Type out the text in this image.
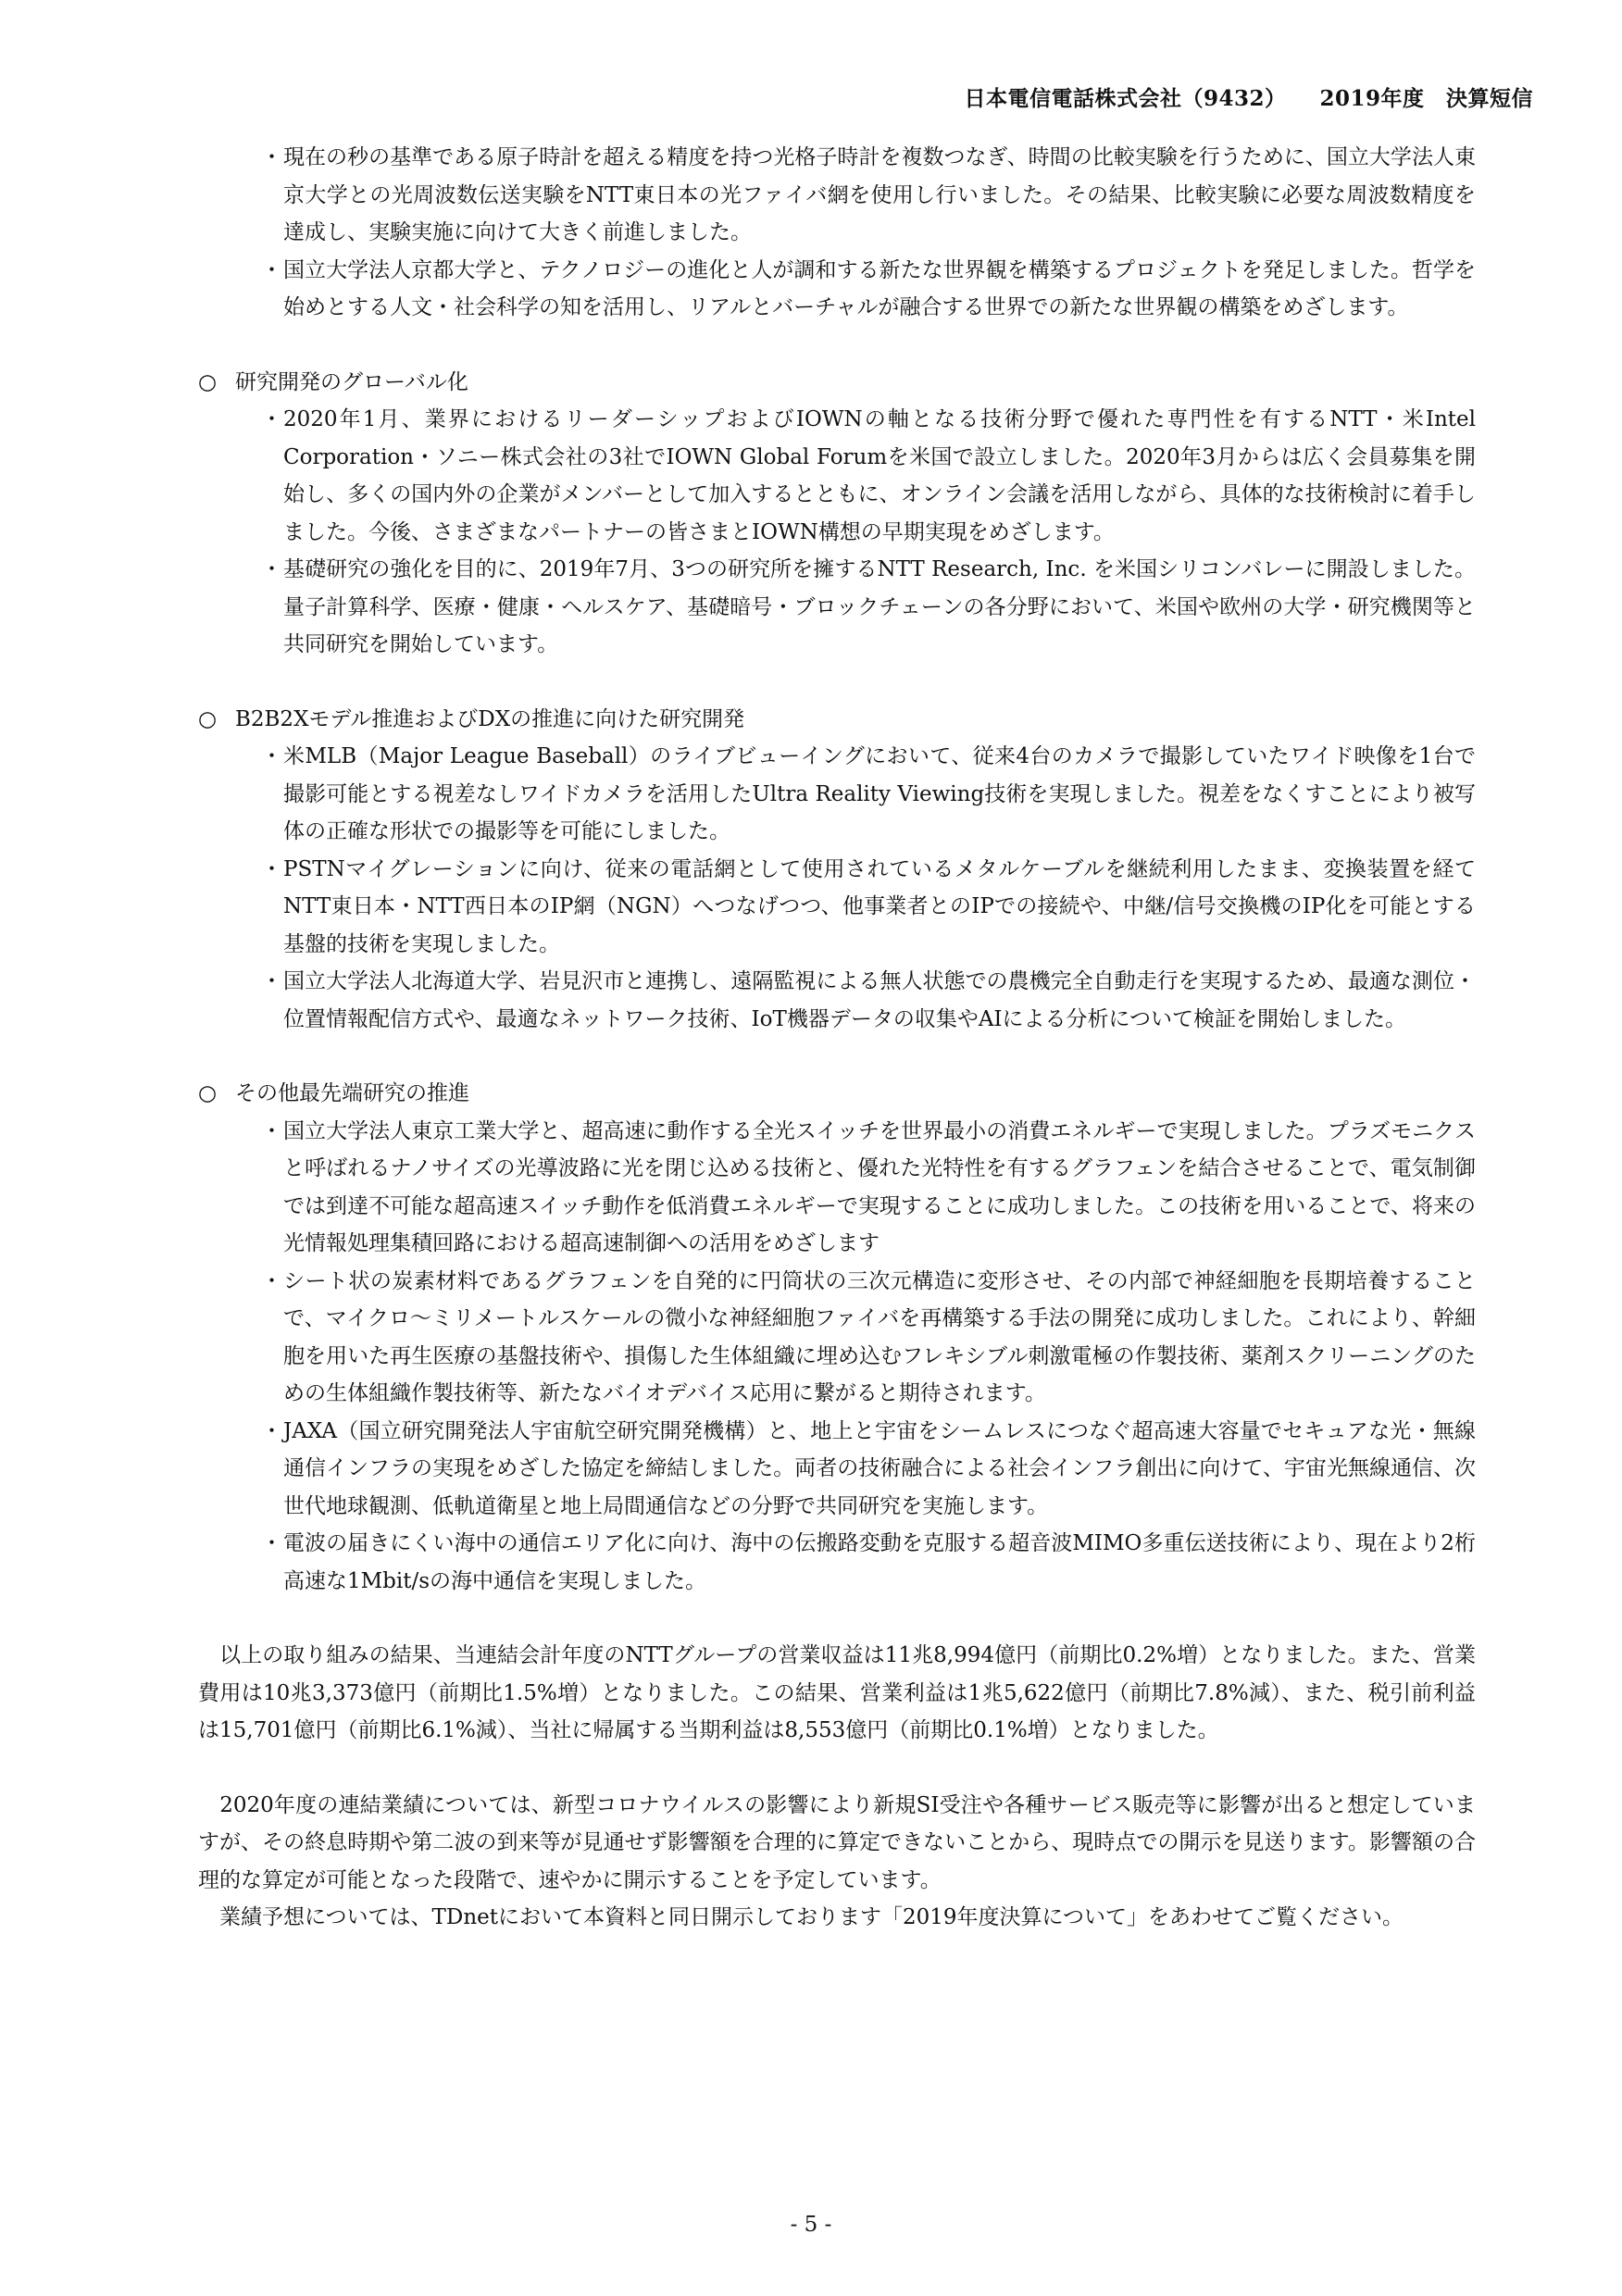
日本電信電話株式会社（9432） 2019年度　決算短信
・ 現在の秒の基準である原子時計を超える精度を持つ光格子時計を複数つなぎ、時間の比較実験を行うために、国立大学法人東京大学との光周波数伝送実験をNTT東日本の光ファイバ網を使用し行いました。その結果、比較実験に必要な周波数精度を達成し、実験実施に向けて大きく前進しました。
・ 国立大学法人京都大学と、テクノロジーの進化と人が調和する新たな世界観を構築するプロジェクトを発足しました。哲学を始めとする人文・社会科学の知を活用し、リアルとバーチャルが融合する世界での新たな世界観の構築をめざします。

○ 研究開発のグローバル化

・ 2020年1月、業界におけるリーダーシップおよびIOWNの軸となる技術分野で優れた専門性を有するNTT・米Intel Corporation・ソニー株式会社の3社でIOWN Global Forumを米国で設立しました。2020年3月からは広く会員募集を開始し、多くの国内外の企業がメンバーとして加入するとともに、オンライン会議を活用しながら、具体的な技術検討に着手しました。今後、さまざまなパートナーの皆さまとIOWN構想の早期実現をめざします。
・ 基礎研究の強化を目的に、2019年7月、3つの研究所を擁するNTT Research, Inc. を米国シリコンバレーに開設しました。量子計算科学、医療・健康・ヘルスケア、基礎暗号・ブロックチェーンの各分野において、米国や欧州の大学・研究機関等と共同研究を開始しています。

○ B2B2Xモデル推進およびDXの推進に向けた研究開発

・ 米MLB（Major League Baseball）のライブビューイングにおいて、従来4台のカメラで撮影していたワイド映像を1台で撮影可能とする視差なしワイドカメラを活用したUltra Reality Viewing技術を実現しました。視差をなくすことにより被写体の正確な形状での撮影等を可能にしました。
・ PSTNマイグレーションに向け、従来の電話網として使用されているメタルケーブルを継続利用したまま、変換装置を経てNTT東日本・NTT西日本のIP網（NGN）へつなげつつ、他事業者とのIPでの接続や、中継/信号交換機のIP化を可能とする基盤的技術を実現しました。
・ 国立大学法人北海道大学、岩見沢市と連携し、遠隔監視による無人状態での農機完全自動走行を実現するため、最適な測位・位置情報配信方式や、最適なネットワーク技術、IoT機器データの収集やAIによる分析について検証を開始しました。

○ その他最先端研究の推進

・ 国立大学法人東京工業大学と、超高速に動作する全光スイッチを世界最小の消費エネルギーで実現しました。プラズモニクスと呼ばれるナノサイズの光導波路に光を閉じ込める技術と、優れた光特性を有するグラフェンを結合させることで、電気制御では到達不可能な超高速スイッチ動作を低消費エネルギーで実現することに成功しました。この技術を用いることで、将来の光情報処理集積回路における超高速制御への活用をめざします
・ シート状の炭素材料であるグラフェンを自発的に円筒状の三次元構造に変形させ、その内部で神経細胞を長期培養することで、マイクロ～ミリメートルスケールの微小な神経細胞ファイバを再構築する手法の開発に成功しました。これにより、幹細胞を用いた再生医療の基盤技術や、損傷した生体組織に埋め込むフレキシブル刺激電極の作製技術、薬剤スクリーニングのための生体組織作製技術等、新たなバイオデバイス応用に繋がると期待されます。
・ JAXA（国立研究開発法人宇宙航空研究開発機構）と、地上と宇宙をシームレスにつなぐ超高速大容量でセキュアな光・無線通信インフラの実現をめざした協定を締結しました。両者の技術融合による社会インフラ創出に向けて、宇宙光無線通信、次世代地球観測、低軌道衛星と地上局間通信などの分野で共同研究を実施します。
・ 電波の届きにくい海中の通信エリア化に向け、海中の伝搬路変動を克服する超音波MIMO多重伝送技術により、現在より2桁高速な1Mbit/sの海中通信を実現しました。

　以上の取り組みの結果、当連結会計年度のNTTグループの営業収益は11兆8,994億円（前期比0.2%増）となりました。また、営業費用は10兆3,373億円（前期比1.5%増）となりました。この結果、営業利益は1兆5,622億円（前期比7.8%減）、また、税引前利益は15,701億円（前期比6.1%減）、当社に帰属する当期利益は8,553億円（前期比0.1%増）となりました。

　2020年度の連結業績については、新型コロナウイルスの影響により新規SI受注や各種サービス販売等に影響が出ると想定していますが、その終息時期や第二波の到来等が見通せず影響額を合理的に算定できないことから、現時点での開示を見送ります。影響額の合理的な算定が可能となった段階で、速やかに開示することを予定しています。

　業績予想については、TDnetにおいて本資料と同日開示しております「2019年度決算について」をあわせてご覧ください。

- 5 -
